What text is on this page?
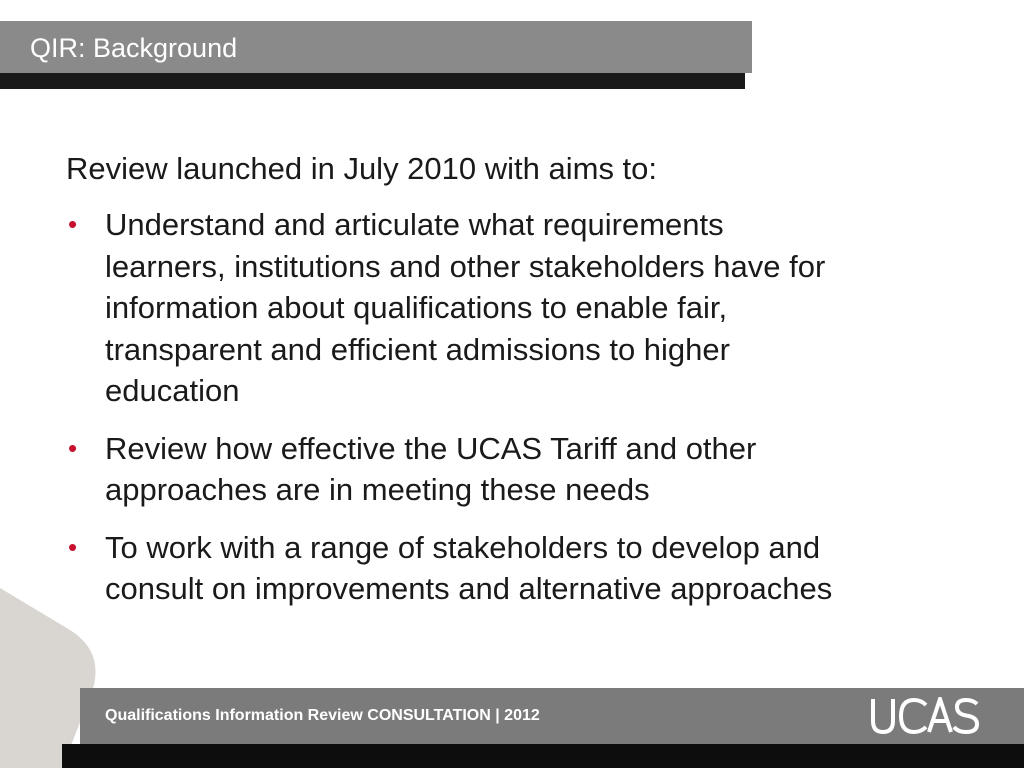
QIR: Background

Review launched in July 2010 with aims to:

• Understand and articulate what requirements
learners, institutions and other stakeholders have for
information about qualifications to enable fair,
transparent and efficient admissions to higher
education
• Review how effective the UCAS Tariff and other
approaches are in meeting these needs
• To work with a range of stakeholders to develop and
consult on improvements and alternative approaches
Qualifications Information Review CONSULTATION | 2012
